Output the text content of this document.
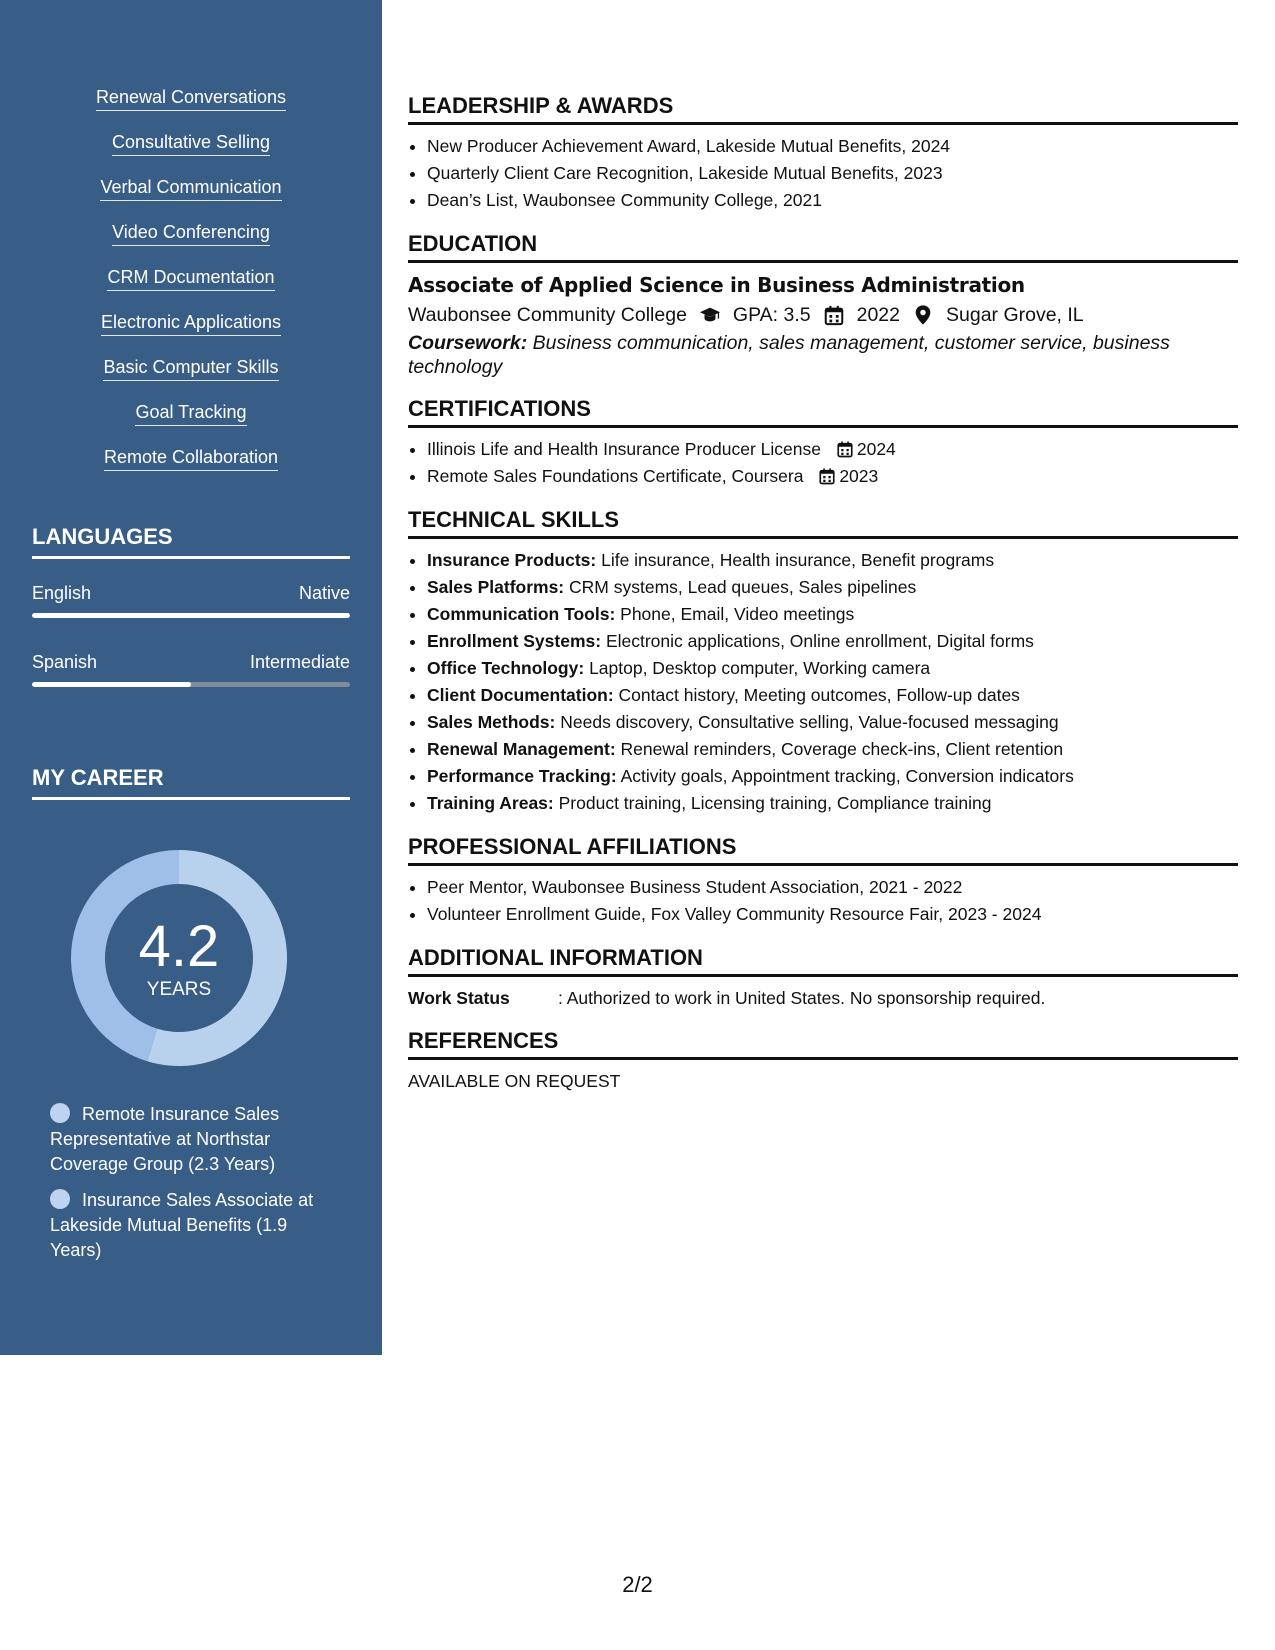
Renewal Conversations
Consultative Selling
Verbal Communication
Video Conferencing
CRM Documentation
Electronic Applications
Basic Computer Skills
Goal Tracking
Remote Collaboration
LANGUAGES
English	Native
Spanish	Intermediate
MY CAREER
4.2
YEARS
Remote Insurance Sales Representative at Northstar Coverage Group (2.3 Years)
Insurance Sales Associate at Lakeside Mutual Benefits (1.9 Years)
LEADERSHIP & AWARDS
• New Producer Achievement Award, Lakeside Mutual Benefits, 2024
• Quarterly Client Care Recognition, Lakeside Mutual Benefits, 2023
• Dean’s List, Waubonsee Community College, 2021
EDUCATION
Associate of Applied Science in Business Administration
Waubonsee Community College GPA: 3.5 2022 Sugar Grove, IL
Coursework: Business communication, sales management, customer service, business technology
CERTIFICATIONS
• Illinois Life and Health Insurance Producer License 2024
• Remote Sales Foundations Certificate, Coursera 2023
TECHNICAL SKILLS
• Insurance Products: Life insurance, Health insurance, Benefit programs
• Sales Platforms: CRM systems, Lead queues, Sales pipelines
• Communication Tools: Phone, Email, Video meetings
• Enrollment Systems: Electronic applications, Online enrollment, Digital forms
• Office Technology: Laptop, Desktop computer, Working camera
• Client Documentation: Contact history, Meeting outcomes, Follow-up dates
• Sales Methods: Needs discovery, Consultative selling, Value-focused messaging
• Renewal Management: Renewal reminders, Coverage check-ins, Client retention
• Performance Tracking: Activity goals, Appointment tracking, Conversion indicators
• Training Areas: Product training, Licensing training, Compliance training
PROFESSIONAL AFFILIATIONS
• Peer Mentor, Waubonsee Business Student Association, 2021 - 2022
• Volunteer Enrollment Guide, Fox Valley Community Resource Fair, 2023 - 2024
ADDITIONAL INFORMATION
Work Status	: Authorized to work in United States. No sponsorship required.
REFERENCES
AVAILABLE ON REQUEST
2/2
